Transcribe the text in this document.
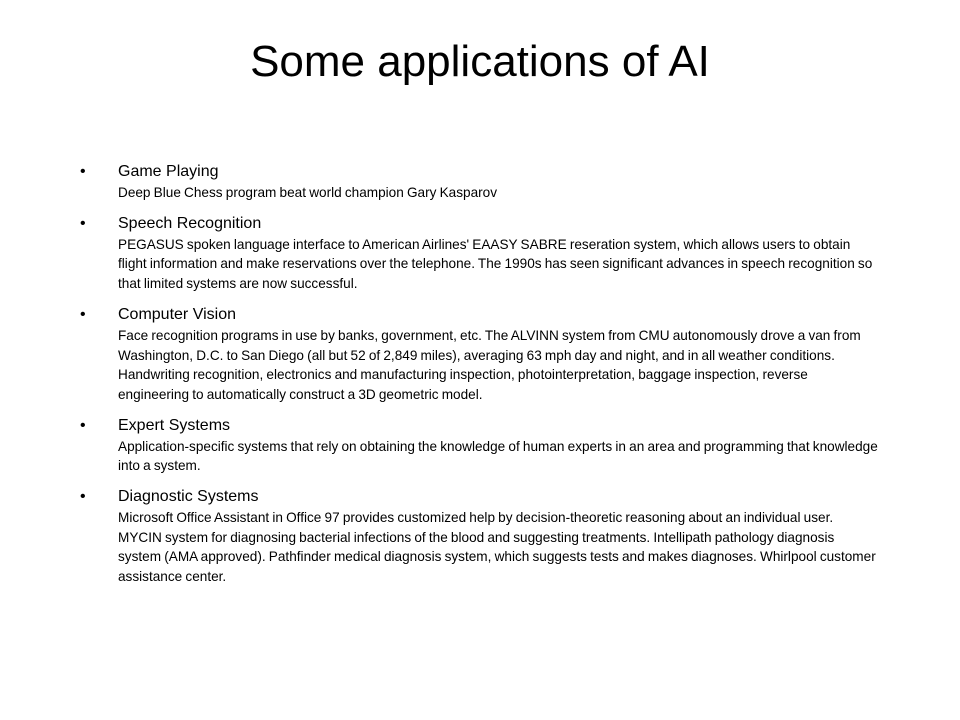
Some applications of AI
• Game Playing
Deep Blue Chess program beat world champion Gary Kasparov
• Speech Recognition
PEGASUS spoken language interface to American Airlines' EAASY SABRE reseration system, which allows users to obtain flight information and make reservations over the telephone. The 1990s has seen significant advances in speech recognition so that limited systems are now successful.
• Computer Vision
Face recognition programs in use by banks, government, etc. The ALVINN system from CMU autonomously drove a van from Washington, D.C. to San Diego (all but 52 of 2,849 miles), averaging 63 mph day and night, and in all weather conditions. Handwriting recognition, electronics and manufacturing inspection, photointerpretation, baggage inspection, reverse engineering to automatically construct a 3D geometric model.
• Expert Systems
Application-specific systems that rely on obtaining the knowledge of human experts in an area and programming that knowledge into a system.
• Diagnostic Systems
Microsoft Office Assistant in Office 97 provides customized help by decision-theoretic reasoning about an individual user. MYCIN system for diagnosing bacterial infections of the blood and suggesting treatments. Intellipath pathology diagnosis system (AMA approved). Pathfinder medical diagnosis system, which suggests tests and makes diagnoses. Whirlpool customer assistance center.
